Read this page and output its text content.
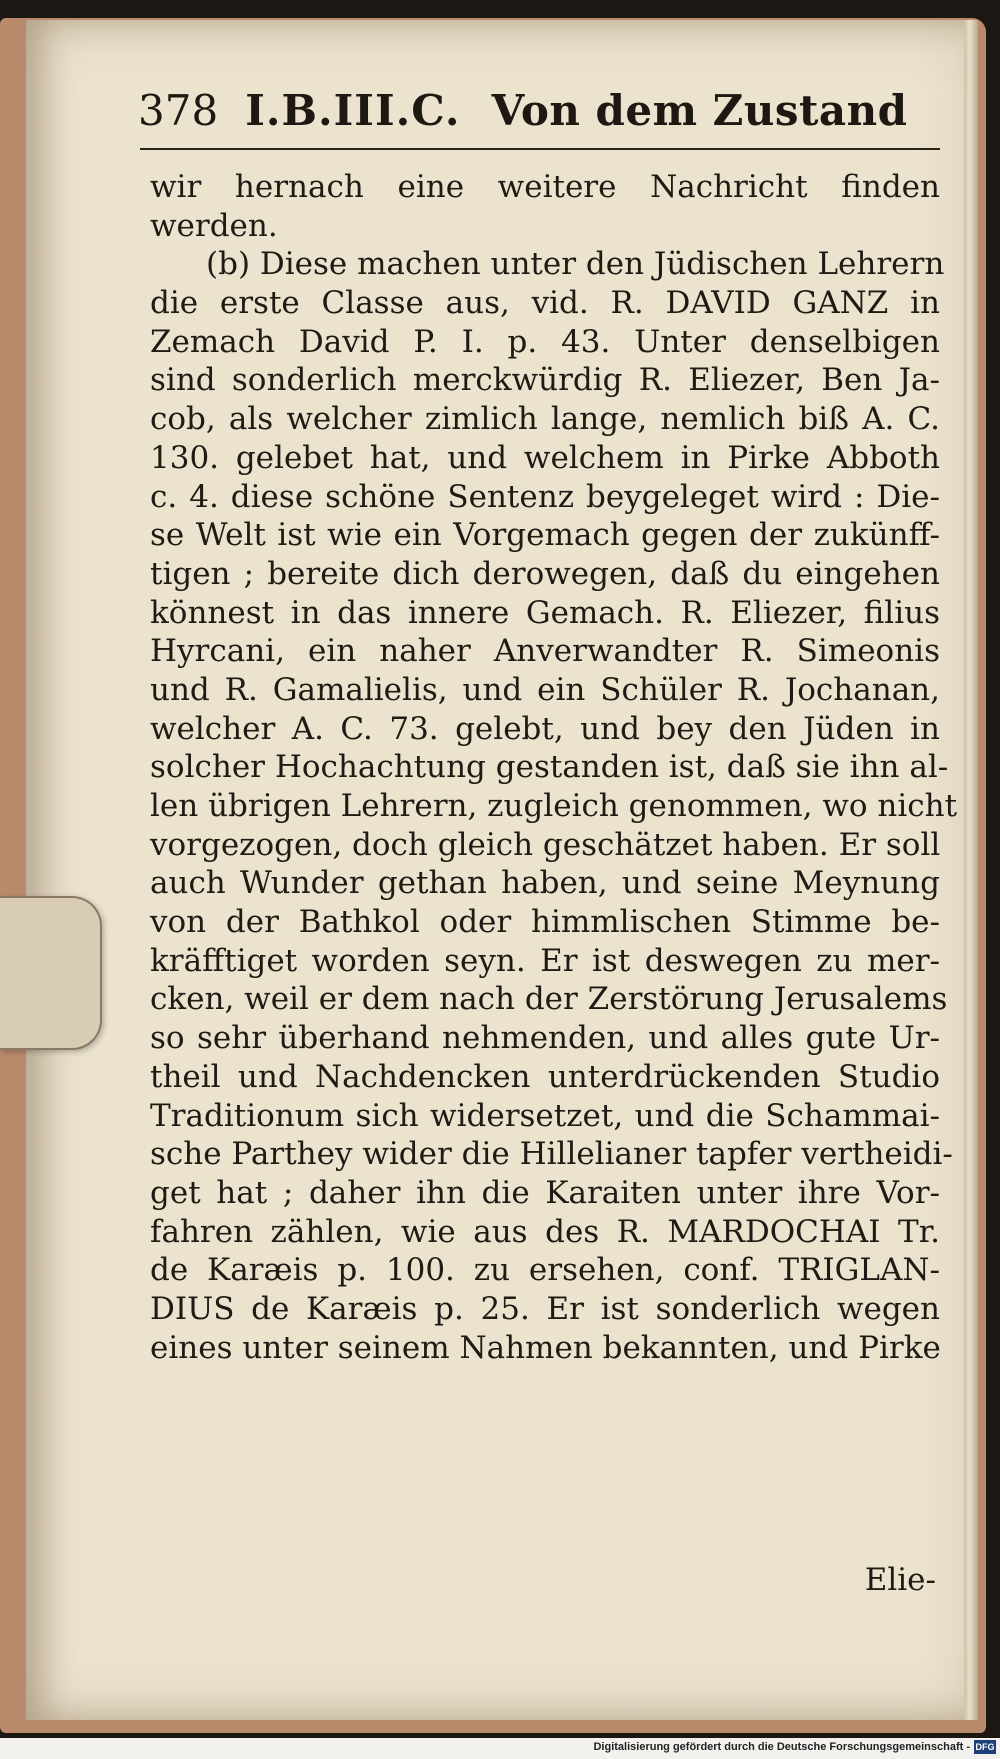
378 I.B.III.C. Von dem Zustand
wir hernach eine weitere Nachricht finden
werden.
(b) Diese machen unter den Jüdischen Lehrern
die erste Classe aus, vid. R. DAVID GANZ in
Zemach David P. I. p. 43. Unter denselbigen
sind sonderlich merckwürdig R. Eliezer, Ben Ja-
cob, als welcher zimlich lange, nemlich biß A. C.
130. gelebet hat, und welchem in Pirke Abboth
c. 4. diese schöne Sentenz beygeleget wird : Die-
se Welt ist wie ein Vorgemach gegen der zukünff-
tigen ; bereite dich derowegen, daß du eingehen
könnest in das innere Gemach. R. Eliezer, filius
Hyrcani, ein naher Anverwandter R. Simeonis
und R. Gamalielis, und ein Schüler R. Jochanan,
welcher A. C. 73. gelebt, und bey den Jüden in
solcher Hochachtung gestanden ist, daß sie ihn al-
len übrigen Lehrern, zugleich genommen, wo nicht
vorgezogen, doch gleich geschätzet haben. Er soll
auch Wunder gethan haben, und seine Meynung
von der Bathkol oder himmlischen Stimme be-
kräfftiget worden seyn. Er ist deswegen zu mer-
cken, weil er dem nach der Zerstörung Jerusalems
so sehr überhand nehmenden, und alles gute Ur-
theil und Nachdencken unterdrückenden Studio
Traditionum sich widersetzet, und die Schammai-
sche Parthey wider die Hillelianer tapfer vertheidi-
get hat ; daher ihn die Karaiten unter ihre Vor-
fahren zählen, wie aus des R. MARDOCHAI Tr.
de Karæis p. 100. zu ersehen, conf. TRIGLAN-
DIUS de Karæis p. 25. Er ist sonderlich wegen
eines unter seinem Nahmen bekannten, und Pirke
Elie-
Digitalisierung gefördert durch die Deutsche Forschungsgemeinschaft - DFG
